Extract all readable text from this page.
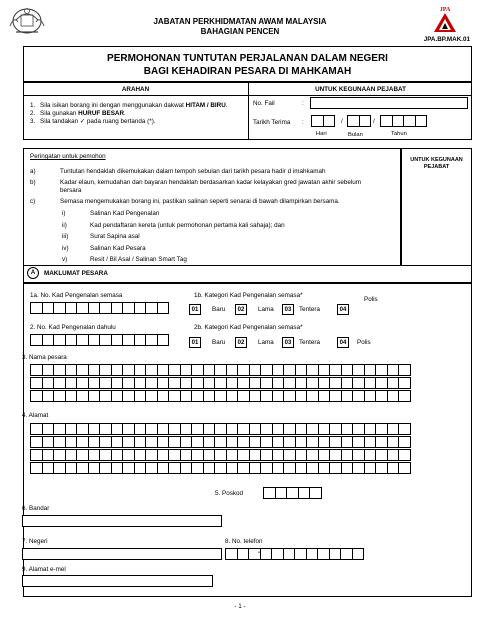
JABATAN PERKHIDMATAN AWAM MALAYSIA
BAHAGIAN PENCEN
JPA
JPA.BP.MAK.01
PERMOHONAN TUNTUTAN PERJALANAN DALAM NEGERI
BAGI KEHADIRAN PESARA DI MAHKAMAH
ARAHAN	UNTUK KEGUNAAN PEJABAT
1. Sila isikan borang ini dengan menggunakan dakwat HITAM / BIRU.
2. Sila gunakan HURUF BESAR.
3. Sila tandakan ✓ pada ruang bertanda (*).
No. Fail	:
Tarikh Terima :	/	/
Hari	Bulan	Tahun
UNTUK KEGUNAAN PEJABAT
Peringatan untuk pemohon
a)	Tuntutan hendaklah dikemukakan dalam tempoh sebulan dari tarikh pesara hadir d imahkamah
b)	Kadar elaun, kemudahan dan bayaran hendaklah berdasarkan kadar kelayakan gred jawatan akhir sebelum bersara
c)	Semasa mengemukakan borang ini, pastikan salinan seperti senarai di bawah dilampirkan bersama.
i)	Salinan Kad Pengenalan
ii)	Kad pendaftaran kereta (untuk permohonan pertama kali sahaja); dan
iii)	Surat Sapina asal
iv)	Salinan Kad Pesara
v)	Resit / Bil Asal / Salinan Smart Tag
A	MAKLUMAT PESARA
1a. No. Kad Pengenalan semasa	1b. Kategori Kad Pengenalan semasa*
01	Baru	02	Lama	03	Tentera	04
Polis
2. No. Kad Pengenalan dahulu	2b. Kategori Kad Pengenalan semasa*
01	Baru	02	Lama	03	Tentera	04	Polis
3. Nama pesara
4. Alamat
5. Poskod
6. Bandar
7. Negeri	8. No. telefon
-
9. Alamat e-mel
- 1 -
